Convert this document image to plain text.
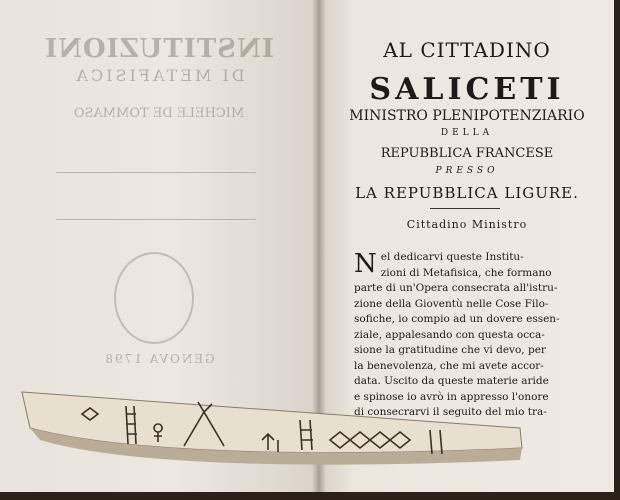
INSTITUZIONI
DI METAFISICA
MICHELE DE TOMMASO
GENOVA 1798
AL CITTADINO
SALICETI
MINISTRO PLENIPOTENZIARIO
DELLA
REPUBBLICA FRANCESE
PRESSO
LA REPUBBLICA LIGURE.
Cittadino Ministro
N el dedicarvi queste Institu-
zioni di Metafisica, che formano
parte di un'Opera consecrata all'istru-
zione della Gioventù nelle Cose Filo-
sofiche, io compio ad un dovere essen-
ziale, appalesando con questa occa-
sione la gratitudine che vi devo, per
la benevolenza, che mi avete accor-
data. Uscito da queste materie aride
e spinose io avrò in appresso l'onore
di consecrarvi il seguito del mio tra-
